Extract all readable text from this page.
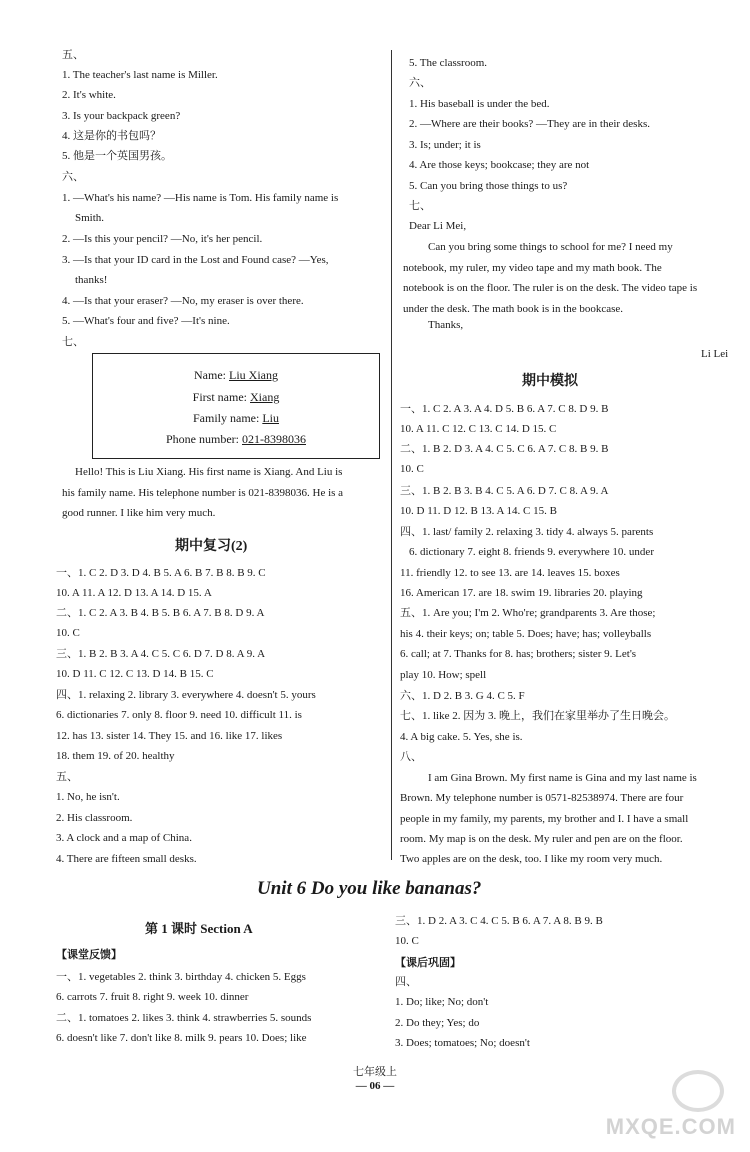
五、
1. The teacher's last name is Miller.
2. It's white.
3. Is your backpack green?
4. 这是你的书包吗？
5. 他是一个英国男孩。
六、
1. —What's his name? —His name is Tom. His family name is
Smith.
2. —Is this your pencil? —No, it's her pencil.
3. —Is that your ID card in the Lost and Found case? —Yes,
thanks!
4. —Is that your eraser? —No, my eraser is over there.
5. —What's four and five? —It's nine.
七、
Name: Liu Xiang
First name: Xiang
Family name: Liu
Phone number: 021-8398036
Hello! This is Liu Xiang. His first name is Xiang. And Liu is
his family name. His telephone number is 021-8398036. He is a
good runner. I like him very much.
期中复习(2)
一、1. C 2. D 3. D 4. B 5. A 6. B 7. B 8. B 9. C
10. A 11. A 12. D 13. A 14. D 15. A
二、1. C 2. A 3. B 4. B 5. B 6. A 7. B 8. D 9. A
10. C
三、1. B 2. B 3. A 4. C 5. C 6. D 7. D 8. A 9. A
10. D 11. C 12. C 13. D 14. B 15. C
四、1. relaxing 2. library 3. everywhere 4. doesn't 5. yours
6. dictionaries 7. only 8. floor 9. need 10. difficult 11. is
12. has 13. sister 14. They 15. and 16. like 17. likes
18. them 19. of 20. healthy
五、
1. No, he isn't.
2. His classroom.
3. A clock and a map of China.
4. There are fifteen small desks.
5. The classroom.
六、
1. His baseball is under the bed.
2. —Where are their books? —They are in their desks.
3. Is; under; it is
4. Are those keys; bookcase; they are not
5. Can you bring those things to us?
七、
Dear Li Mei,
Can you bring some things to school for me? I need my
notebook, my ruler, my video tape and my math book. The
notebook is on the floor. The ruler is on the desk. The video tape is
under the desk. The math book is in the bookcase.
Thanks,
Li Lei
期中模拟
一、1. C 2. A 3. A 4. D 5. B 6. A 7. C 8. D 9. B
10. A 11. C 12. C 13. C 14. D 15. C
二、1. B 2. D 3. A 4. C 5. C 6. A 7. C 8. B 9. B
10. C
三、1. B 2. B 3. B 4. C 5. A 6. D 7. C 8. A 9. A
10. D 11. D 12. B 13. A 14. C 15. B
四、1. last/ family 2. relaxing 3. tidy 4. always 5. parents
6. dictionary 7. eight 8. friends 9. everywhere 10. under
11. friendly 12. to see 13. are 14. leaves 15. boxes
16. American 17. are 18. swim 19. libraries 20. playing
五、1. Are you; I'm 2. Who're; grandparents 3. Are those;
his 4. their keys; on; table 5. Does; have; has; volleyballs
6. call; at 7. Thanks for 8. has; brothers; sister 9. Let's
play 10. How; spell
六、1. D 2. B 3. G 4. C 5. F
七、1. like 2. 因为 3. 晚上，我们在家里举办了生日晚会。
4. A big cake. 5. Yes, she is.
八、
I am Gina Brown. My first name is Gina and my last name is
Brown. My telephone number is 0571-82538974. There are four
people in my family, my parents, my brother and I. I have a small
room. My map is on the desk. My ruler and pen are on the floor.
Two apples are on the desk, too. I like my room very much.
Unit 6 Do you like bananas?
第 1 课时 Section A
【课堂反馈】
一、1. vegetables 2. think 3. birthday 4. chicken 5. Eggs
6. carrots 7. fruit 8. right 9. week 10. dinner
二、1. tomatoes 2. likes 3. think 4. strawberries 5. sounds
6. doesn't like 7. don't like 8. milk 9. pears 10. Does; like
三、1. D 2. A 3. C 4. C 5. B 6. A 7. A 8. B 9. B
10. C
【课后巩固】
四、
1. Do; like; No; don't
2. Do they; Yes; do
3. Does; tomatoes; No; doesn't
七年级上
— 06 —
MXQE.COM
